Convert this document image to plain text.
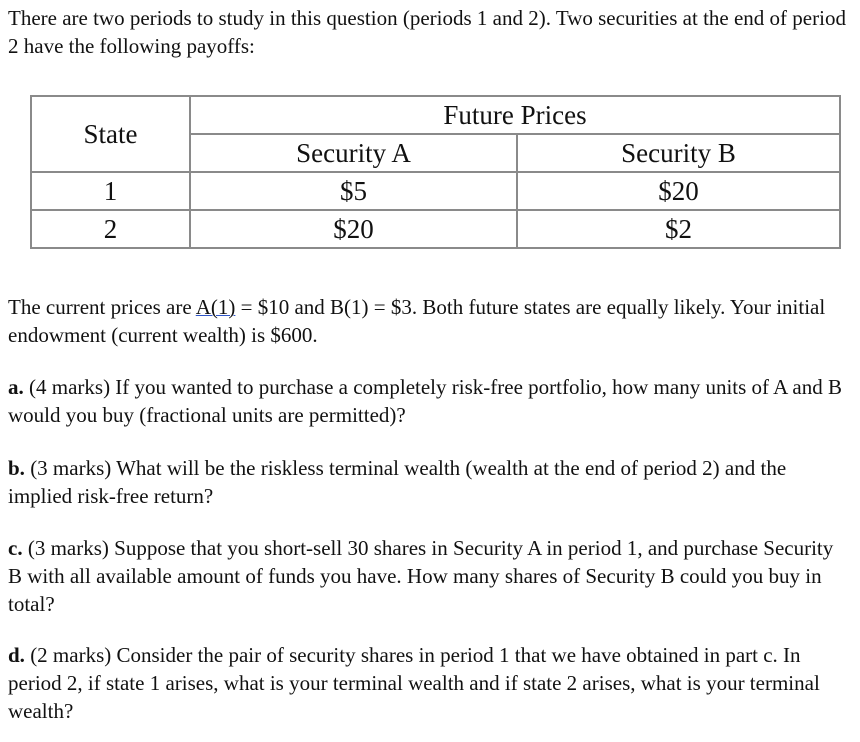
There are two periods to study in this question (periods 1 and 2). Two securities at the end of period 2 have the following payoffs:

State	Future Prices	
	Security A	Security B
1	$5	$20
2	$20	$2

The current prices are A(1) = $10 and B(1) = $3. Both future states are equally likely. Your initial endowment (current wealth) is $600.

a. (4 marks) If you wanted to purchase a completely risk-free portfolio, how many units of A and B would you buy (fractional units are permitted)?

b. (3 marks) What will be the riskless terminal wealth (wealth at the end of period 2) and the implied risk-free return?

c. (3 marks) Suppose that you short-sell 30 shares in Security A in period 1, and purchase Security B with all available amount of funds you have. How many shares of Security B could you buy in total?

d. (2 marks) Consider the pair of security shares in period 1 that we have obtained in part c. In period 2, if state 1 arises, what is your terminal wealth and if state 2 arises, what is your terminal wealth?
